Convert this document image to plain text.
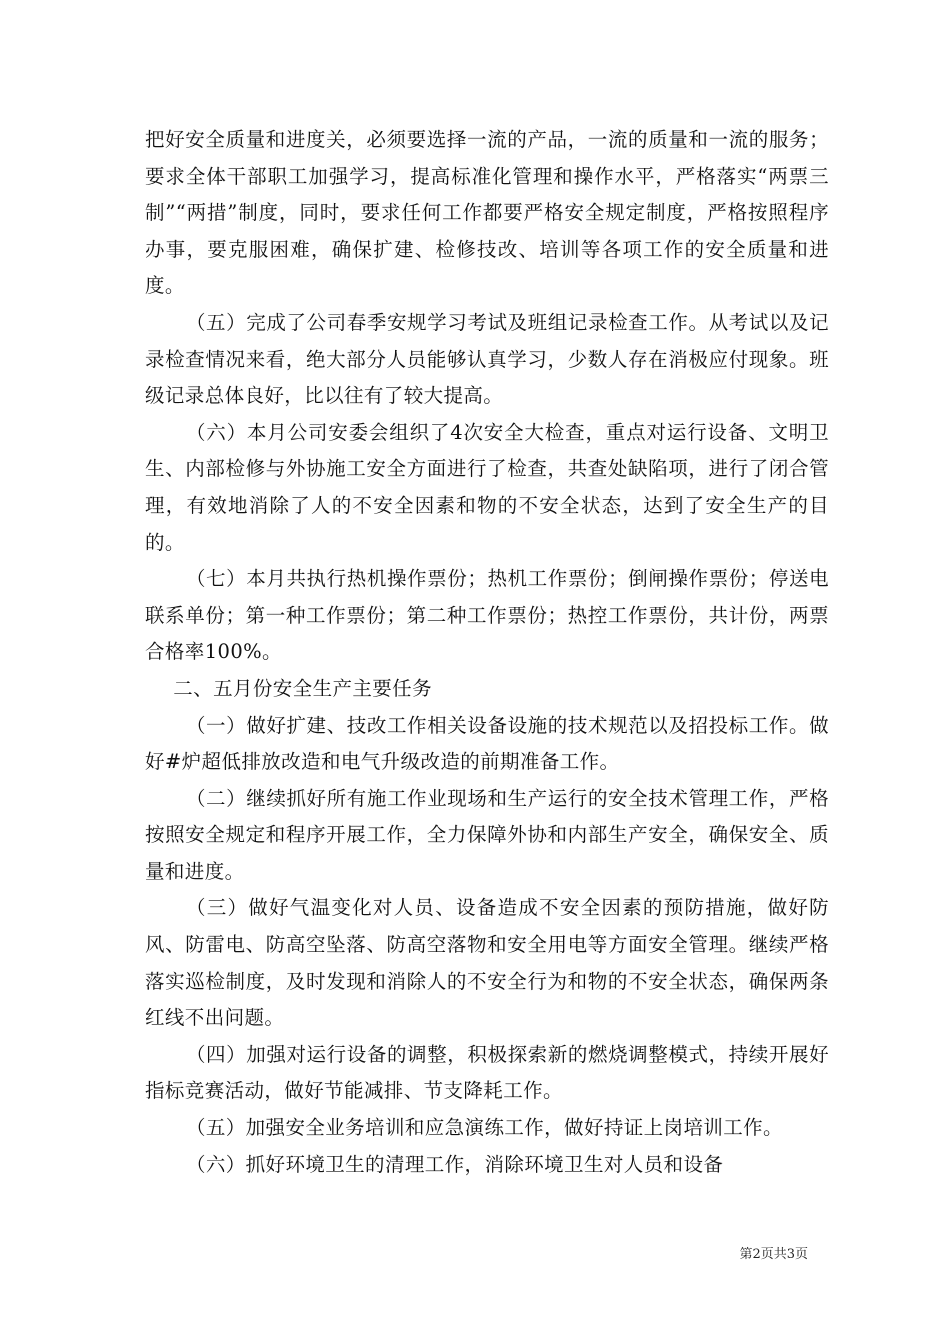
把好安全质量和进度关，必须要选择一流的产品，一流的质量和一流的服务；要求全体干部职工加强学习，提高标准化管理和操作水平，严格落实“两票三制”“两措”制度，同时，要求任何工作都要严格安全规定制度，严格按照程序办事，要克服困难，确保扩建、检修技改、培训等各项工作的安全质量和进度。

（五）完成了公司春季安规学习考试及班组记录检查工作。从考试以及记录检查情况来看，绝大部分人员能够认真学习，少数人存在消极应付现象。班级记录总体良好，比以往有了较大提高。

（六）本月公司安委会组织了4次安全大检查，重点对运行设备、文明卫生、内部检修与外协施工安全方面进行了检查，共查处缺陷项，进行了闭合管理，有效地消除了人的不安全因素和物的不安全状态，达到了安全生产的目的。

（七）本月共执行热机操作票份；热机工作票份；倒闸操作票份；停送电联系单份；第一种工作票份；第二种工作票份；热控工作票份，共计份，两票合格率100%。

二、五月份安全生产主要任务

（一）做好扩建、技改工作相关设备设施的技术规范以及招投标工作。做好#炉超低排放改造和电气升级改造的前期准备工作。

（二）继续抓好所有施工作业现场和生产运行的安全技术管理工作，严格按照安全规定和程序开展工作，全力保障外协和内部生产安全，确保安全、质量和进度。

（三）做好气温变化对人员、设备造成不安全因素的预防措施，做好防风、防雷电、防高空坠落、防高空落物和安全用电等方面安全管理。继续严格落实巡检制度，及时发现和消除人的不安全行为和物的不安全状态，确保两条红线不出问题。

（四）加强对运行设备的调整，积极探索新的燃烧调整模式，持续开展好指标竞赛活动，做好节能减排、节支降耗工作。

（五）加强安全业务培训和应急演练工作，做好持证上岗培训工作。

（六）抓好环境卫生的清理工作，消除环境卫生对人员和设备

第2页共3页
